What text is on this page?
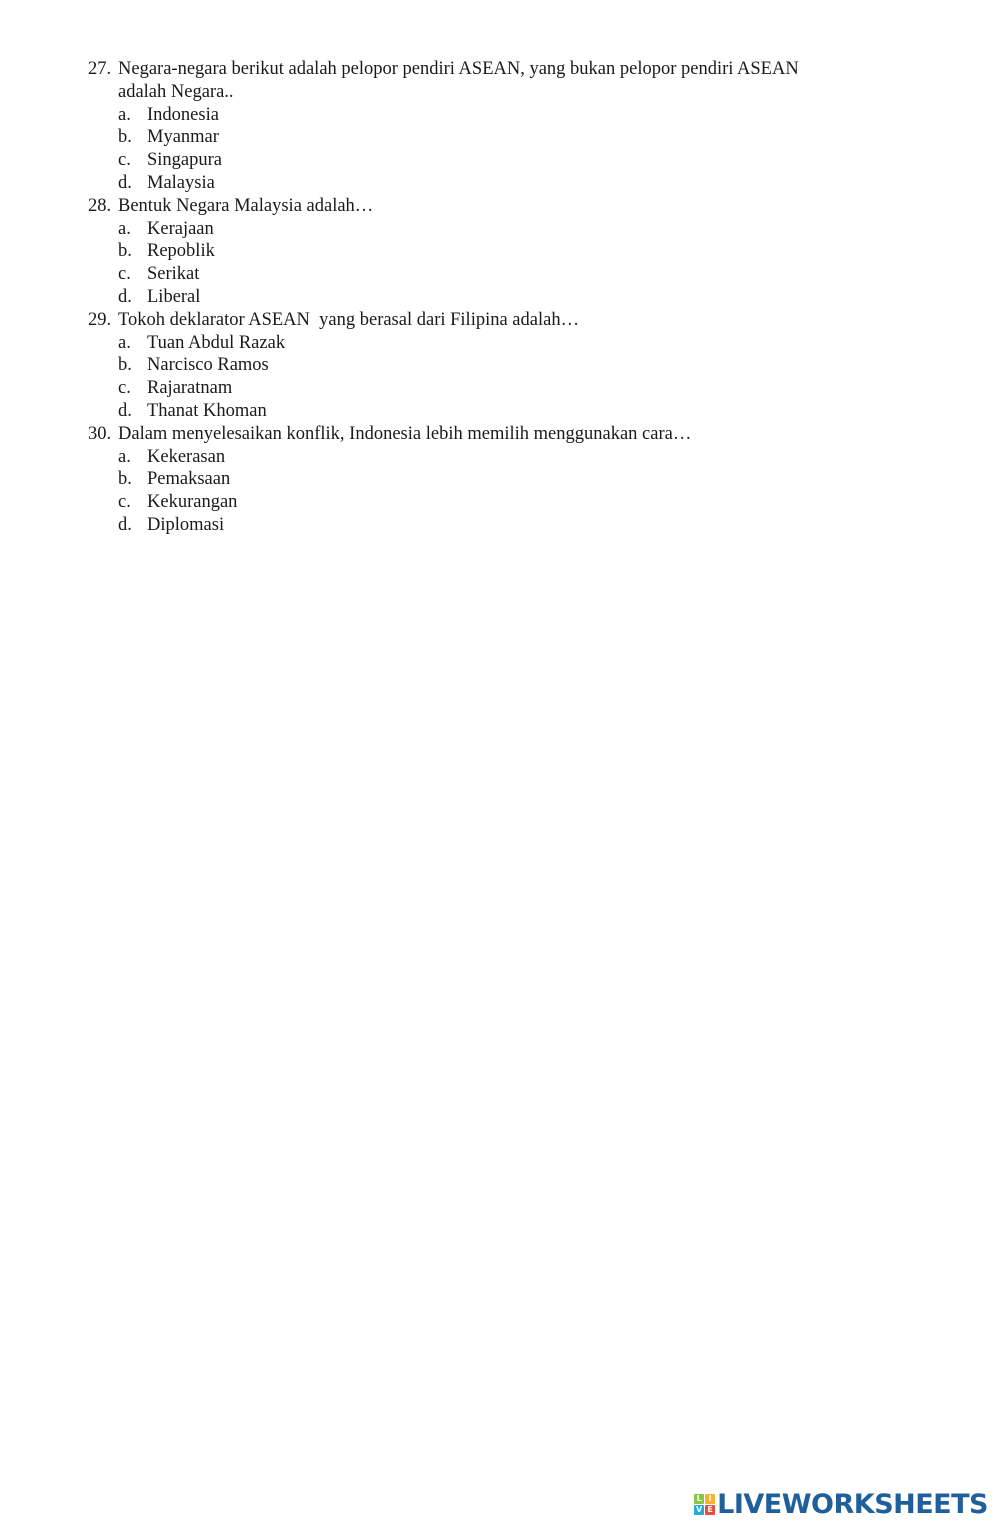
27. Negara-negara berikut adalah pelopor pendiri ASEAN, yang bukan pelopor pendiri ASEAN
adalah Negara..
a. Indonesia
b. Myanmar
c. Singapura
d. Malaysia
28. Bentuk Negara Malaysia adalah…
a. Kerajaan
b. Repoblik
c. Serikat
d. Liberal
29. Tokoh deklarator ASEAN  yang berasal dari Filipina adalah…
a. Tuan Abdul Razak
b. Narcisco Ramos
c. Rajaratnam
d. Thanat Khoman
30. Dalam menyelesaikan konflik, Indonesia lebih memilih menggunakan cara…
a. Kekerasan
b. Pemaksaan
c. Kekurangan
d. Diplomasi
L I
V E LIVEWORKSHEETS
